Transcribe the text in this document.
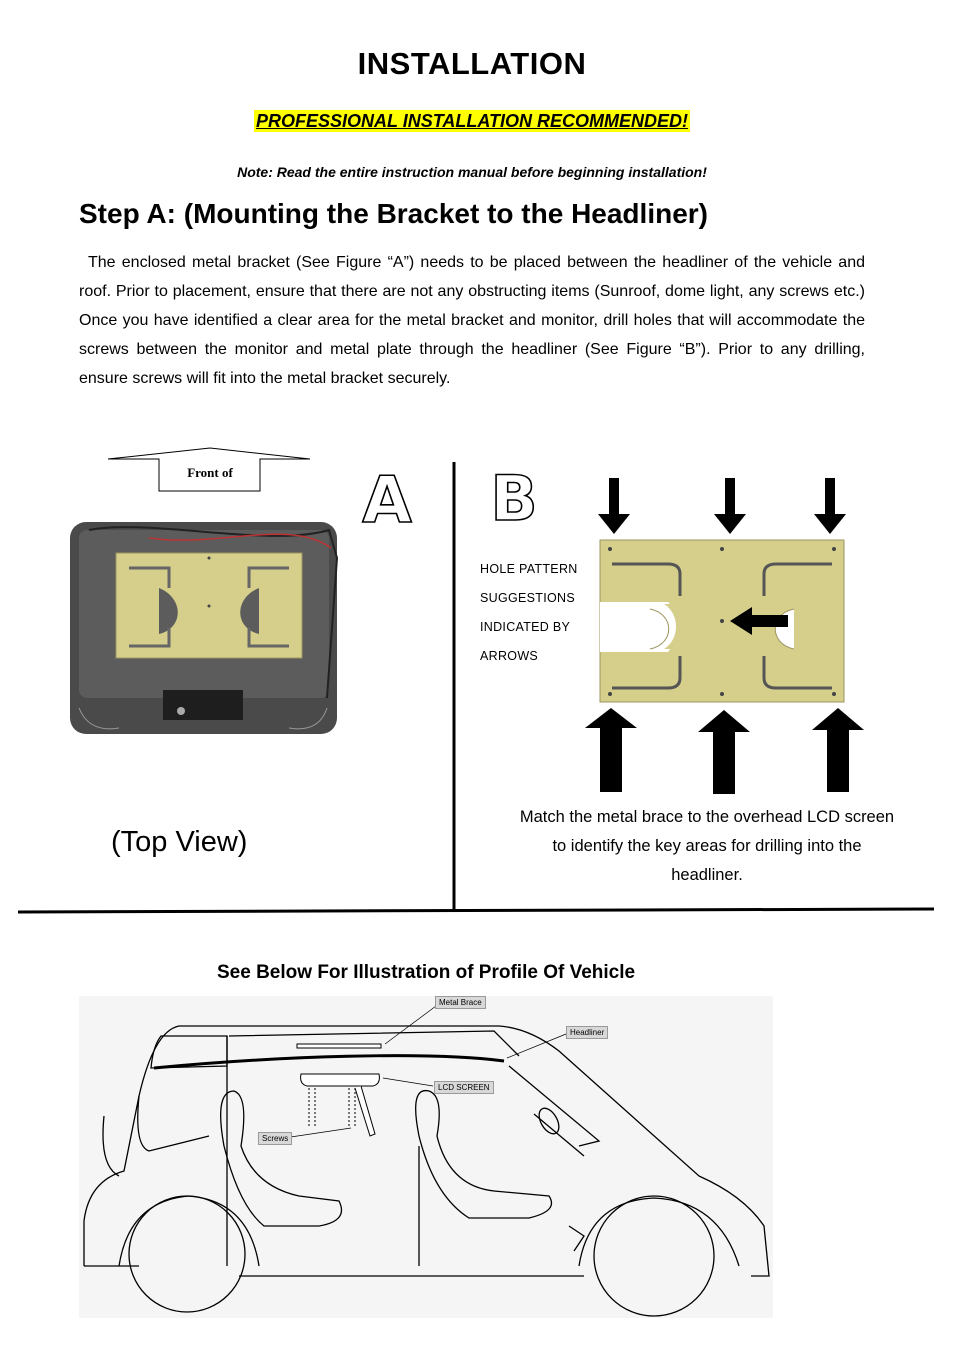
INSTALLATION
PROFESSIONAL INSTALLATION RECOMMENDED!
Note: Read the entire instruction manual before beginning installation!
Step A: (Mounting the Bracket to the Headliner)
The enclosed metal bracket (See Figure “A”) needs to be placed between the headliner of the vehicle and roof. Prior to placement, ensure that there are not any obstructing items (Sunroof, dome light, any screws etc.) Once you have identified a clear area for the metal bracket and monitor, drill holes that will accommodate the screws between the monitor and metal plate through the headliner (See Figure “B”). Prior to any drilling, ensure screws will fit into the metal bracket securely.
Front of	A
(Top View)
B
HOLE PATTERN
SUGGESTIONS
INDICATED BY
ARROWS
Match the metal brace to the overhead LCD screen to identify the key areas for drilling into the headliner.
See Below For Illustration of Profile Of Vehicle
Metal Brace
Headliner
LCD SCREEN
Screws
